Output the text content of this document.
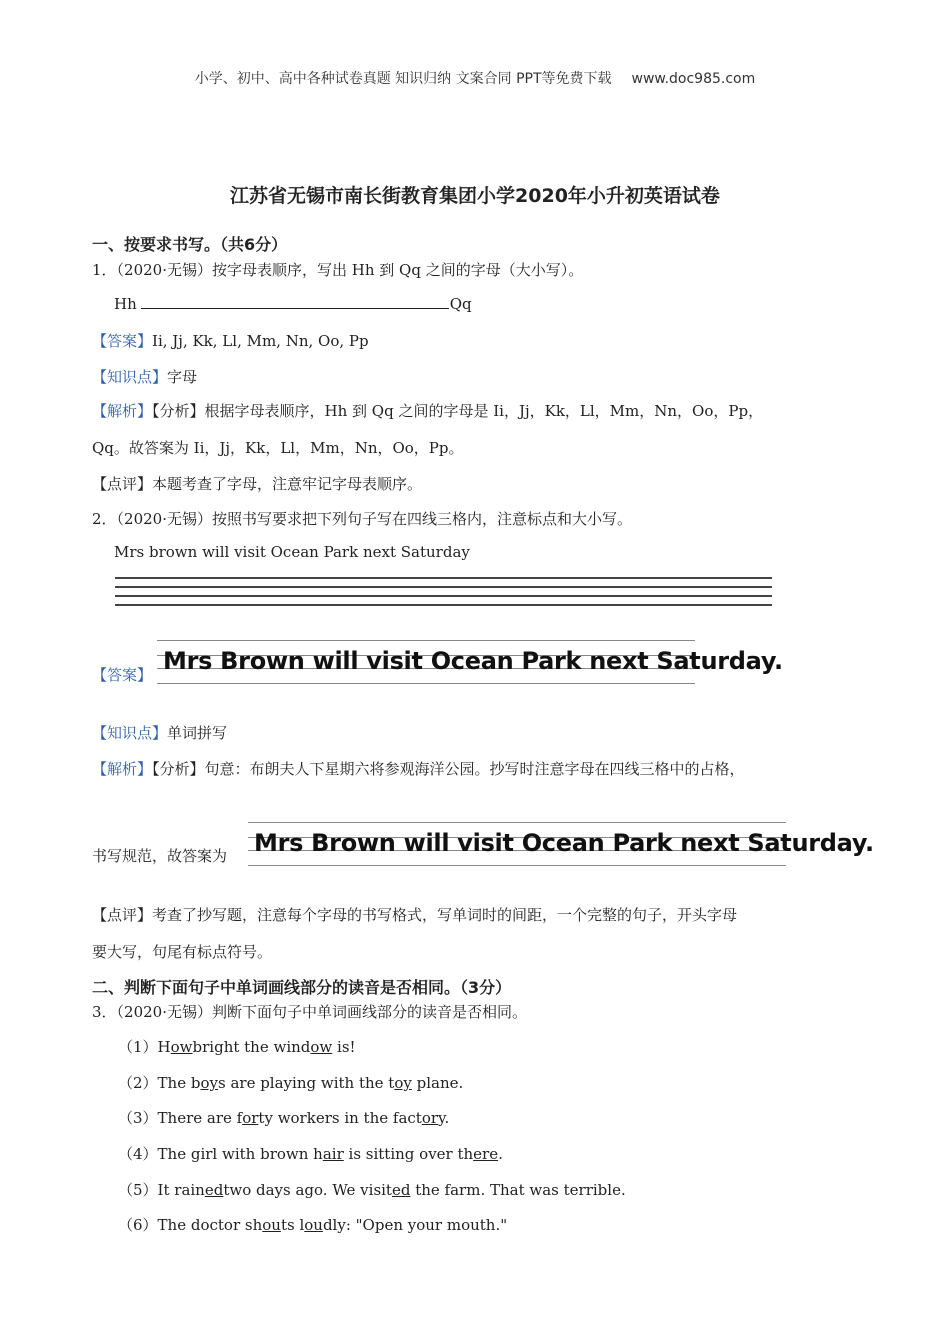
小学、初中、高中各种试卷真题 知识归纳 文案合同 PPT等免费下载 www.doc985.com
江苏省无锡市南长街教育集团小学2020年小升初英语试卷
一、按要求书写。（共6分）
1．（2020·无锡）按字母表顺序，写出 Hh 到 Qq 之间的字母（大小写）。
Hh	Qq
【答案】Ii, Jj, Kk, Ll, Mm, Nn, Oo, Pp
【知识点】字母
【解析】【分析】根据字母表顺序，Hh 到 Qq 之间的字母是 Ii，Jj，Kk，Ll，Mm，Nn，Oo，Pp，
Qq。故答案为 Ii，Jj，Kk，Ll，Mm，Nn，Oo，Pp。
【点评】本题考查了字母，注意牢记字母表顺序。
2．（2020·无锡）按照书写要求把下列句子写在四线三格内，注意标点和大小写。
Mrs brown will visit Ocean Park next Saturday
【答案】 Mrs Brown will visit Ocean Park next Saturday.
【知识点】单词拼写
【解析】【分析】句意：布朗夫人下星期六将参观海洋公园。抄写时注意字母在四线三格中的占格，
书写规范，故答案为 Mrs Brown will visit Ocean Park next Saturday.
【点评】考查了抄写题，注意每个字母的书写格式，写单词时的间距，一个完整的句子，开头字母
要大写，句尾有标点符号。
二、判断下面句子中单词画线部分的读音是否相同。（3分）
3．（2020·无锡）判断下面句子中单词画线部分的读音是否相同。
（1）Howbright the window is!
（2）The boys are playing with the toy plane.
（3）There are forty workers in the factory.
（4）The girl with brown hair is sitting over there.
（5）It rainedtwo days ago. We visited the farm. That was terrible.
（6）The doctor shouts loudly: "Open your mouth."
